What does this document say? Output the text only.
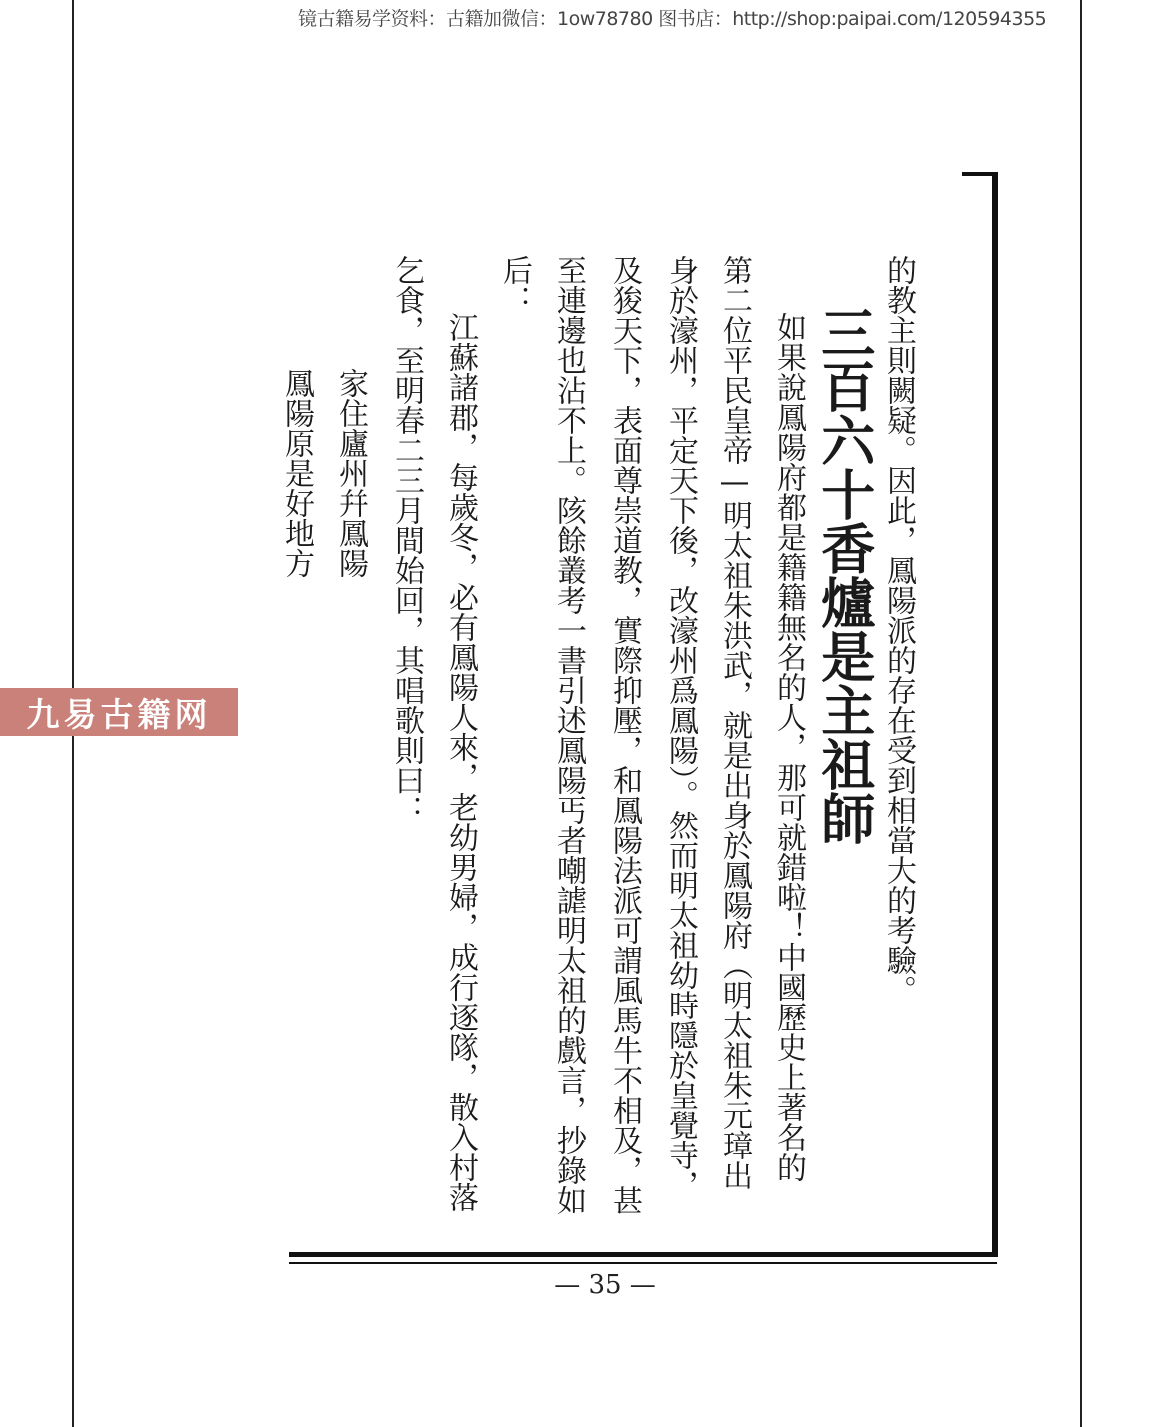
镜古籍易学资料：古籍加微信：1ow78780 图书店：http://shop:paipai.com/120594355
的教主則闕疑。因此，鳳陽派的存在受到相當大的考驗。
三百六十香爐是主祖師
如果說鳳陽府都是籍籍無名的人，那可就錯啦！中國歷史上著名的
第二位平民皇帝—明太祖朱洪武，就是出身於鳳陽府（明太祖朱元璋出
身於濠州，平定天下後，改濠州爲鳳陽）。然而明太祖幼時隱於皇覺寺，
及狻天下，表面尊崇道教，實際抑壓，和鳳陽法派可謂風馬牛不相及，甚
至連邊也沾不上。陔餘叢考一書引述鳳陽丐者嘲謔明太祖的戲言，抄錄如
后：
江蘇諸郡，每歲冬，必有鳳陽人來，老幼男婦，成行逐隊，散入村落
乞食，至明春二三月間始回，其唱歌則曰：
家住廬州幷鳳陽
鳳陽原是好地方
— 35 —
九易古籍网
